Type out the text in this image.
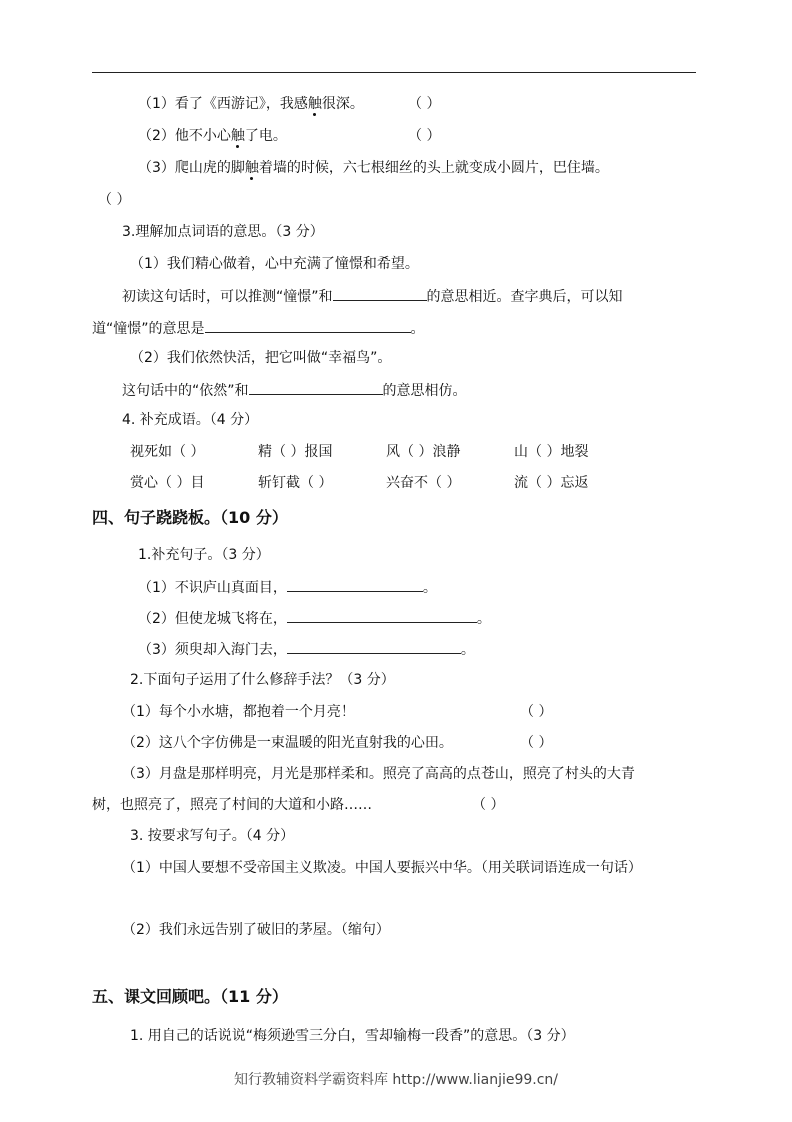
（1）看了《西游记》，我感触很深。	（ ）
（2）他不小心触了电。	（ ）
（3）爬山虎的脚触着墙的时候，六七根细丝的头上就变成小圆片，巴住墙。
（ ）
3.理解加点词语的意思。（3 分）
（1）我们精心做着，心中充满了憧憬和希望。
初读这句话时，可以推测“憧憬”和	的意思相近。查字典后，可以知
道“憧憬”的意思是	。
（2）我们依然快活，把它叫做“幸福鸟”。
这句话中的“依然”和	的意思相仿。
4. 补充成语。（4 分）
视死如（ ）	精（ ）报国	风（ ）浪静	山（ ）地裂
赏心（ ）目	斩钉截（ ）	兴奋不（ ）	流（ ）忘返
四、句子跷跷板。（10 分）
1.补充句子。（3 分）
（1）不识庐山真面目，	。
（2）但使龙城飞将在，	。
（3）须臾却入海门去，	。
2.下面句子运用了什么修辞手法？（3 分）
（1）每个小水塘，都抱着一个月亮！	（ ）
（2）这八个字仿佛是一束温暖的阳光直射我的心田。	（ ）
（3）月盘是那样明亮，月光是那样柔和。照亮了高高的点苍山，照亮了村头的大青
树，也照亮了，照亮了村间的大道和小路……	（ ）
3. 按要求写句子。（4 分）
（1）中国人要想不受帝国主义欺凌。中国人要振兴中华。（用关联词语连成一句话）
（2）我们永远告别了破旧的茅屋。（缩句）
五、课文回顾吧。（11 分）
1. 用自己的话说说“梅须逊雪三分白，雪却输梅一段香”的意思。（3 分）
知行教辅资料学霸资料库 http://www.lianjie99.cn/
